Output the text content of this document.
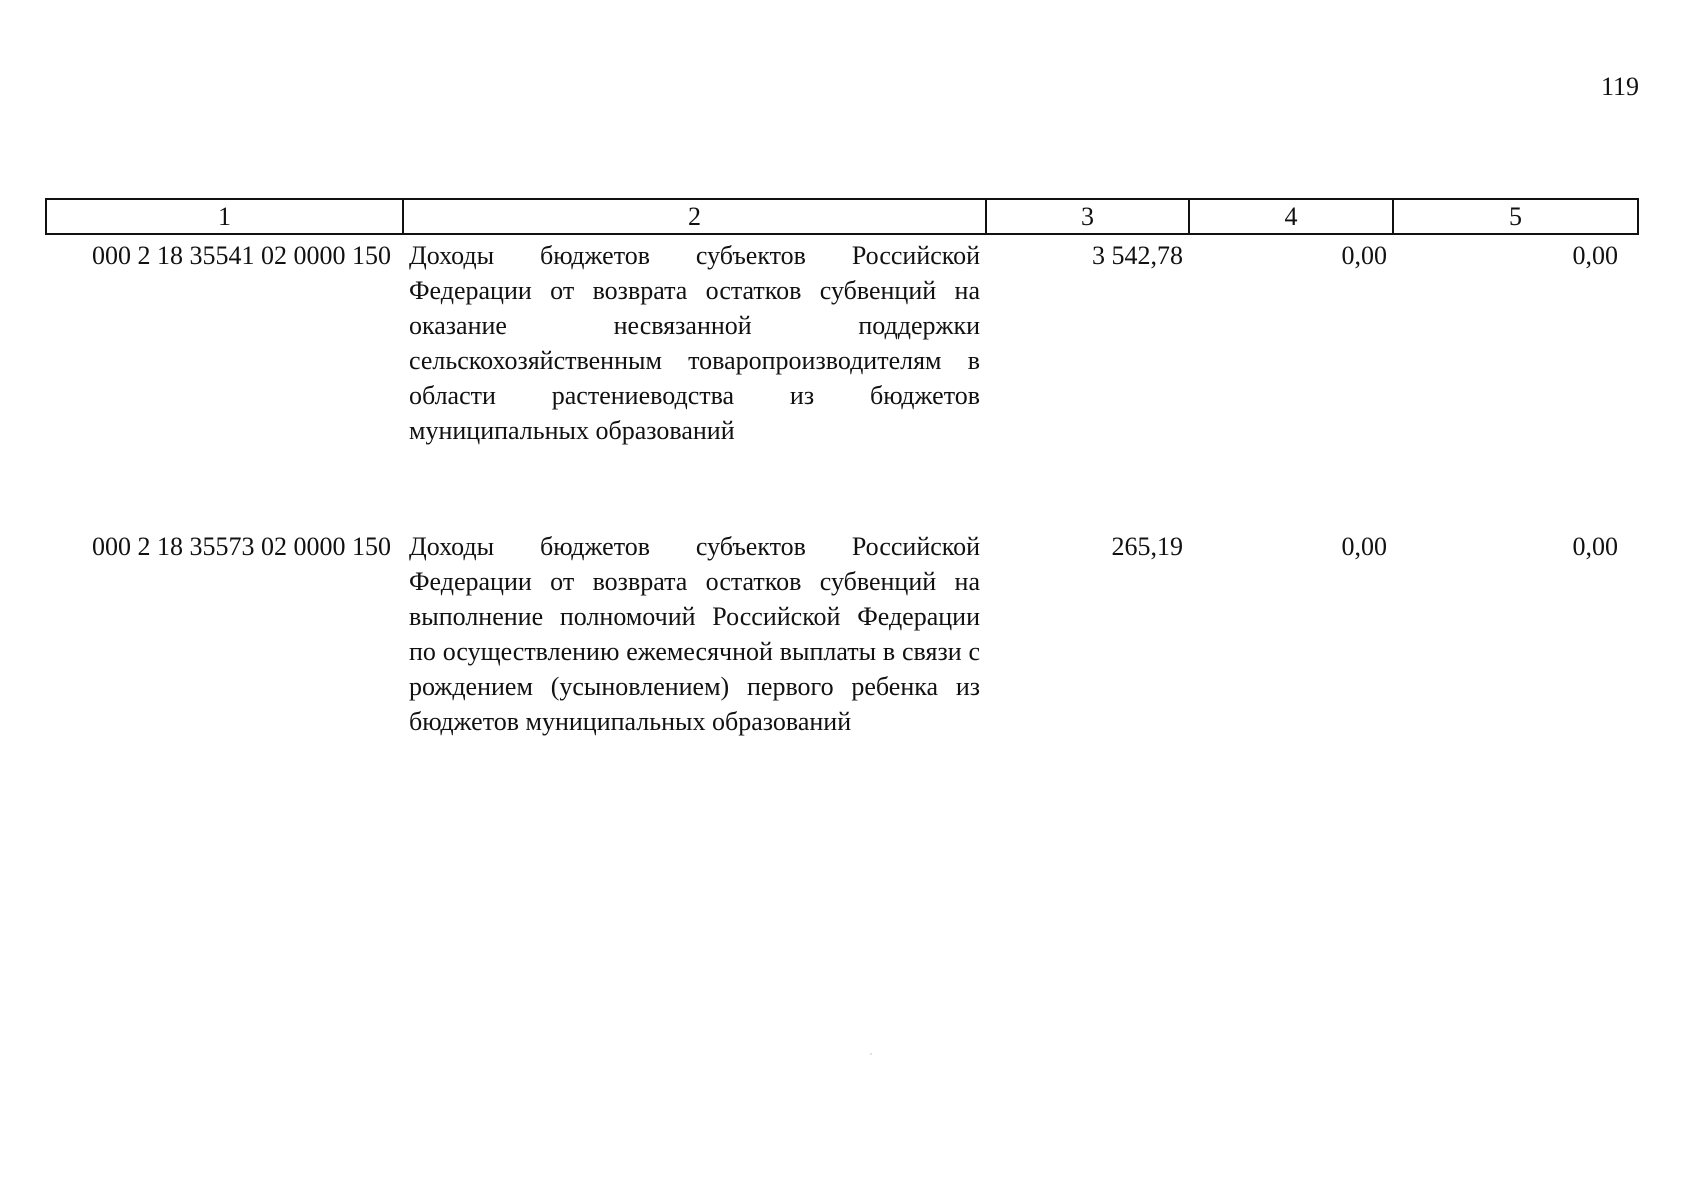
119
1	2	3	4	5
000 2 18 35541 02 0000 150	Доходы бюджетов субъектов Российской Федерации от возврата остатков субвенций на оказание несвязанной поддержки сельскохозяйственным товаропроизводителям в области растениеводства из бюджетов муниципальных образований	3 542,78	0,00	0,00
000 2 18 35573 02 0000 150	Доходы бюджетов субъектов Российской Федерации от возврата остатков субвенций на выполнение полномочий Российской Федерации по осуществлению ежемесячной выплаты в связи с рождением (усыновлением) первого ребенка из бюджетов муниципальных образований	265,19	0,00	0,00
